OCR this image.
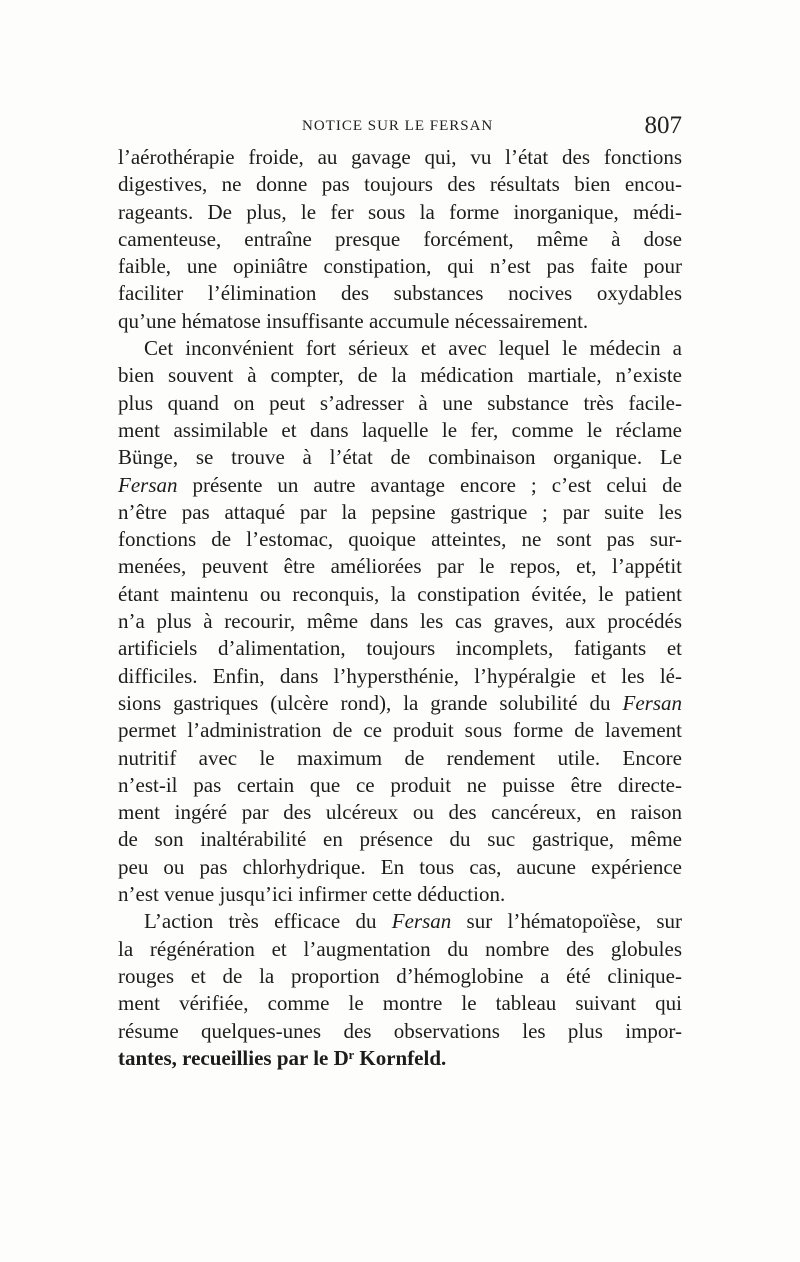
NOTICE SUR LE FERSAN	807
l’aérothérapie froide, au gavage qui, vu l’état des fonctions
digestives, ne donne pas toujours des résultats bien encou-
rageants. De plus, le fer sous la forme inorganique, médi-
camenteuse, entraîne presque forcément, même à dose
faible, une opiniâtre constipation, qui n’est pas faite pour
faciliter l’élimination des substances nocives oxydables
qu’une hématose insuffisante accumule nécessairement.
Cet inconvénient fort sérieux et avec lequel le médecin a
bien souvent à compter, de la médication martiale, n’existe
plus quand on peut s’adresser à une substance très facile-
ment assimilable et dans laquelle le fer, comme le réclame
Bünge, se trouve à l’état de combinaison organique. Le
Fersan présente un autre avantage encore ; c’est celui de
n’être pas attaqué par la pepsine gastrique ; par suite les
fonctions de l’estomac, quoique atteintes, ne sont pas sur-
menées, peuvent être améliorées par le repos, et, l’appétit
étant maintenu ou reconquis, la constipation évitée, le patient
n’a plus à recourir, même dans les cas graves, aux procédés
artificiels d’alimentation, toujours incomplets, fatigants et
difficiles. Enfin, dans l’hypersthénie, l’hypéralgie et les lé-
sions gastriques (ulcère rond), la grande solubilité du Fersan
permet l’administration de ce produit sous forme de lavement
nutritif avec le maximum de rendement utile. Encore
n’est-il pas certain que ce produit ne puisse être directe-
ment ingéré par des ulcéreux ou des cancéreux, en raison
de son inaltérabilité en présence du suc gastrique, même
peu ou pas chlorhydrique. En tous cas, aucune expérience
n’est venue jusqu’ici infirmer cette déduction.
L’action très efficace du Fersan sur l’hématopoïèse, sur
la régénération et l’augmentation du nombre des globules
rouges et de la proportion d’hémoglobine a été clinique-
ment vérifiée, comme le montre le tableau suivant qui
résume quelques-unes des observations les plus impor-
tantes, recueillies par le Dʳ Kornfeld.
